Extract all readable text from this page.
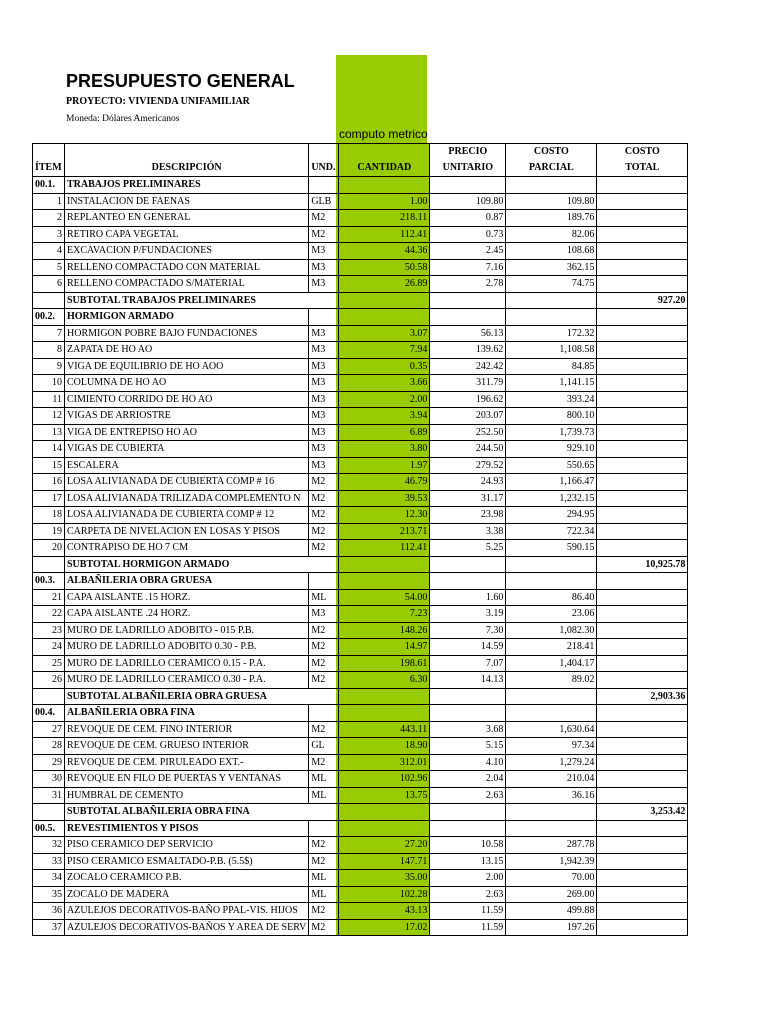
PRESUPUESTO GENERAL
PROYECTO: VIVIENDA UNIFAMILIAR
Moneda: Dólares Americanos
computo metrico
				PRECIO	COSTO	COSTO
ÍTEM	DESCRIPCIÓN	UND.	CANTIDAD	UNITARIO	PARCIAL	TOTAL
00.1.	TRABAJOS PRELIMINARES					
1	INSTALACION DE FAENAS	GLB	1.00	109.80	109.80	
2	REPLANTEO EN GENERAL	M2	218.11	0.87	189.76	
3	RETIRO CAPA VEGETAL	M2	112.41	0.73	82.06	
4	EXCAVACION P/FUNDACIONES	M3	44.36	2.45	108.68	
5	RELLENO COMPACTADO CON MATERIAL	M3	50.58	7.16	362.15	
6	RELLENO COMPACTADO S/MATERIAL	M3	26.89	2.78	74.75	
	SUBTOTAL TRABAJOS PRELIMINARES					927.20
00.2.	HORMIGON ARMADO					
7	HORMIGON POBRE BAJO FUNDACIONES	M3	3.07	56.13	172.32	
8	ZAPATA DE HO AO	M3	7.94	139.62	1,108.58	
9	VIGA DE EQUILIBRIO DE HO AOO	M3	0.35	242.42	84.85	
10	COLUMNA DE HO AO	M3	3.66	311.79	1,141.15	
11	CIMIENTO CORRIDO DE HO AO	M3	2.00	196.62	393.24	
12	VIGAS DE ARRIOSTRE	M3	3.94	203.07	800.10	
13	VIGA DE ENTREPISO HO AO	M3	6.89	252.50	1,739.73	
14	VIGAS DE CUBIERTA	M3	3.80	244.50	929.10	
15	ESCALERA	M3	1.97	279.52	550.65	
16	LOSA ALIVIANADA DE CUBIERTA COMP # 16	M2	46.79	24.93	1,166.47	
17	LOSA ALIVIANADA TRILIZADA COMPLEMENTO N	M2	39.53	31.17	1,232.15	
18	LOSA ALIVIANADA DE CUBIERTA COMP # 12	M2	12.30	23.98	294.95	
19	CARPETA DE NIVELACION EN LOSAS Y PISOS	M2	213.71	3.38	722.34	
20	CONTRAPISO DE HO 7 CM	M2	112.41	5.25	590.15	
	SUBTOTAL HORMIGON ARMADO					10,925.78
00.3.	ALBAÑILERIA OBRA GRUESA					
21	CAPA AISLANTE .15 HORZ.	ML	54.00	1.60	86.40	
22	CAPA AISLANTE .24 HORZ.	M3	7.23	3.19	23.06	
23	MURO DE LADRILLO ADOBITO - 015 P.B.	M2	148.26	7.30	1,082.30	
24	MURO DE LADRILLO ADOBITO 0.30 - P.B.	M2	14.97	14.59	218.41	
25	MURO DE LADRILLO CERAMICO 0.15 - P.A.	M2	198.61	7.07	1,404.17	
26	MURO DE LADRILLO CERAMICO 0.30 - P.A.	M2	6.30	14.13	89.02	
	SUBTOTAL ALBAÑILERIA OBRA GRUESA					2,903.36
00.4.	ALBAÑILERIA OBRA FINA					
27	REVOQUE DE CEM. FINO INTERIOR	M2	443.11	3.68	1,630.64	
28	REVOQUE DE CEM. GRUESO INTERIOR	GL	18.90	5.15	97.34	
29	REVOQUE DE CEM. PIRULEADO EXT.-	M2	312.01	4.10	1,279.24	
30	REVOQUE EN FILO DE PUERTAS Y VENTANAS	ML	102.96	2.04	210.04	
31	HUMBRAL DE CEMENTO	ML	13.75	2.63	36.16	
	SUBTOTAL ALBAÑILERIA OBRA FINA					3,253.42
00.5.	REVESTIMIENTOS Y PISOS					
32	PISO CERAMICO DEP SERVICIO	M2	27.20	10.58	287.78	
33	PISO CERAMICO ESMALTADO-P.B. (5.5$)	M2	147.71	13.15	1,942.39	
34	ZOCALO CERAMICO P.B.	ML	35.00	2.00	70.00	
35	ZOCALO DE MADERA	ML	102.28	2.63	269.00	
36	AZULEJOS DECORATIVOS-BAÑO PPAL-VIS. HIJOS	M2	43.13	11.59	499.88	
37	AZULEJOS DECORATIVOS-BAÑOS Y AREA DE SERV	M2	17.02	11.59	197.26	
